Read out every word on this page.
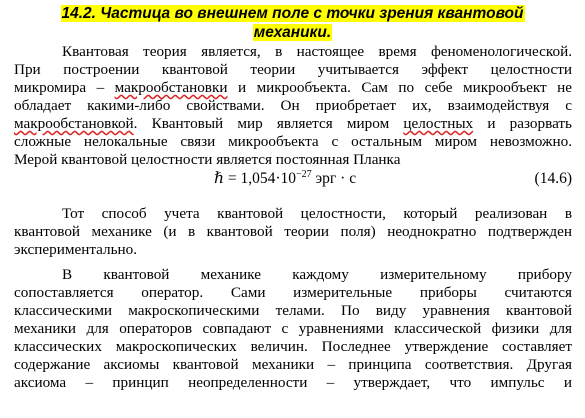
14.2. Частица во внешнем поле с точки зрения квантовой
механики.
Квантовая теория является, в настоящее время феноменологической.
При построении квантовой теории учитывается эффект целостности
микромира – макрообстановки и микрообъекта. Сам по себе микрообъект не
обладает какими-либо свойствами. Он приобретает их, взаимодействуя с
макрообстановкой. Квантовый мир является миром целостных и разорвать
сложные нелокальные связи микрообъекта с остальным миром невозможно.
Мерой квантовой целостности является постоянная Планка
ℏ = $1,054\cdot 10^{-27}$ эрг · с	(14.6)
Тот способ учета квантовой целостности, который реализован в
квантовой механике (и в квантовой теории поля) неоднократно подтвержден
экспериментально.
В квантовой механике каждому измерительному прибору
сопоставляется оператор. Сами измерительные приборы считаются
классическими макроскопическими телами. По виду уравнения квантовой
механики для операторов совпадают с уравнениями классической физики для
классических макроскопических величин. Последнее утверждение составляет
содержание аксиомы квантовой механики – принципа соответствия. Другая
аксиома – принцип неопределенности – утверждает, что импульс и
